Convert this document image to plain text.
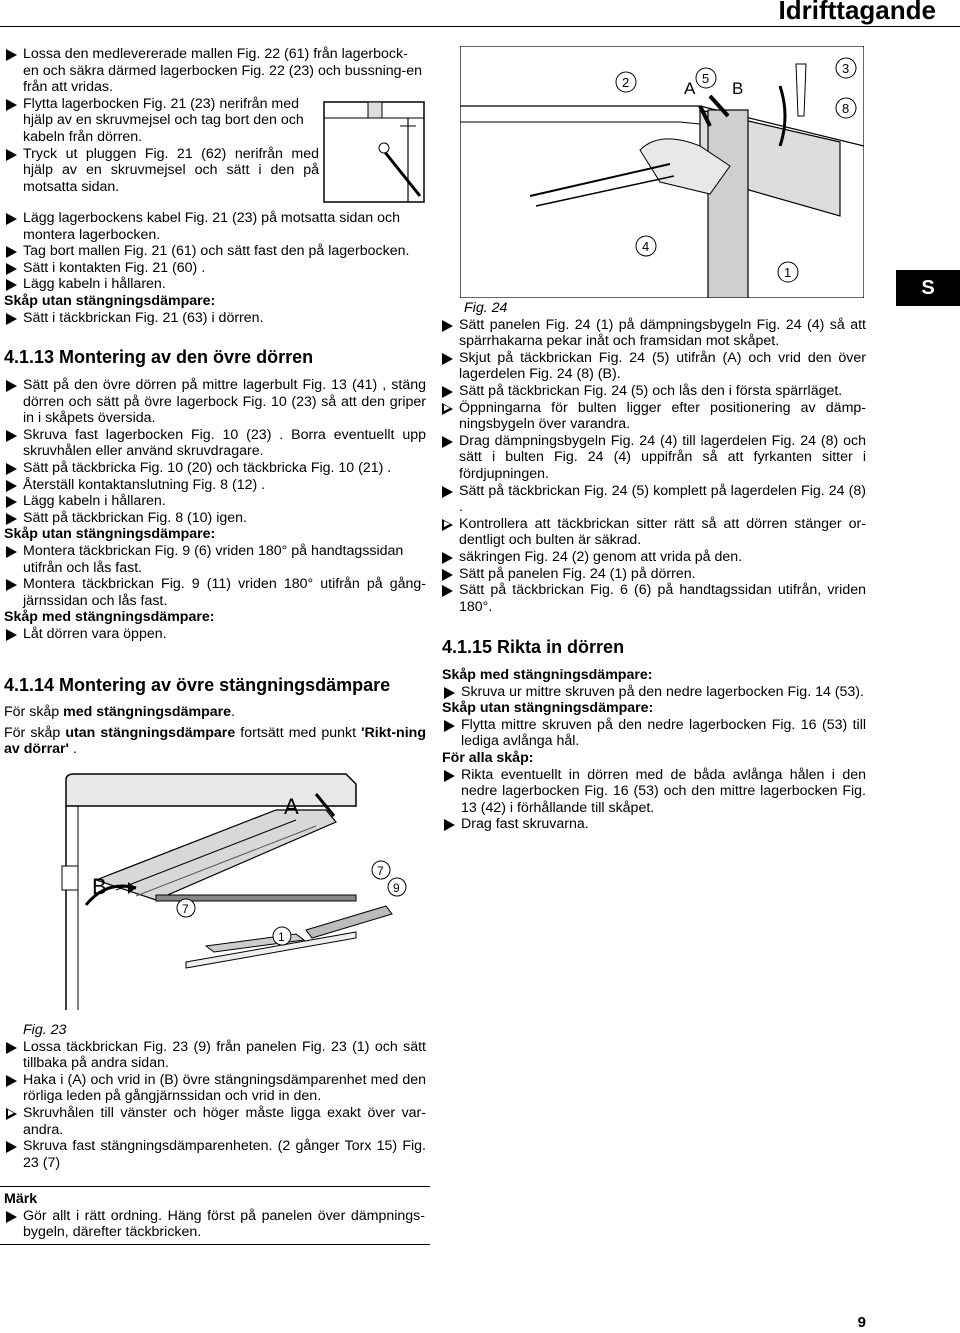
Idrifttagande

Lossa den medlevererade mallen Fig. 22 (61) från lagerbock-en och säkra därmed lagerbocken Fig. 22 (23) och bussning-en från att vridas.

Flytta lagerbocken Fig. 21 (23) nerifrån med hjälp av en skruvmejsel och tag bort den och kabeln från dörren.

Tryck ut pluggen Fig. 21 (62) nerifrån med hjälp av en skruvmejsel och sätt i den på motsatta sidan.

Lägg lagerbockens kabel Fig. 21 (23) på motsatta sidan och montera lagerbocken.

Tag bort mallen Fig. 21 (61) och sätt fast den på lagerbocken.

Sätt i kontakten Fig. 21 (60) .

Lägg kabeln i hållaren.

Skåp utan stängningsdämpare:

Sätt i täckbrickan Fig. 21 (63) i dörren.

4.1.13 Montering av den övre dörren

Sätt på den övre dörren på mittre lagerbult Fig. 13 (41) , stäng dörren och sätt på övre lagerbock Fig. 10 (23) så att den griper in i skåpets översida.

Skruva fast lagerbocken Fig. 10 (23) . Borra eventuellt upp skruvhålen eller använd skruvdragare.

Sätt på täckbricka Fig. 10 (20) och täckbricka Fig. 10 (21) .

Återställ kontaktanslutning Fig. 8 (12) .

Lägg kabeln i hållaren.

Sätt på täckbrickan Fig. 8 (10) igen.

Skåp utan stängningsdämpare:

Montera täckbrickan Fig. 9 (6) vriden 180° på handtagssidan utifrån och lås fast.

Montera täckbrickan Fig. 9 (11) vriden 180° utifrån på gång-järnssidan och lås fast.

Skåp med stängningsdämpare:

Låt dörren vara öppen.

4.1.14 Montering av övre stängningsdämpare

För skåp med stängningsdämpare.

För skåp utan stängningsdämpare fortsätt med punkt 'Rikt-ning av dörrar' .

B
A
7
7
9
1

Fig. 23

Lossa täckbrickan Fig. 23 (9) från panelen Fig. 23 (1) och sätt tillbaka på andra sidan.

Haka i (A) och vrid in (B) övre stängningsdämparenhet med den rörliga leden på gångjärnssidan och vrid in den.

Skruvhålen till vänster och höger måste ligga exakt över var-andra.

Skruva fast stängningsdämparenheten. (2 gånger Torx 15) Fig. 23 (7)

Märk

Gör allt i rätt ordning. Häng först på panelen över dämpnings-bygeln, därefter täckbricken.

2	A
5
B
3
8
4
1

Fig. 24

Sätt panelen Fig. 24 (1) på dämpningsbygeln Fig. 24 (4) så att spärrhakarna pekar inåt och framsidan mot skåpet.

Skjut på täckbrickan Fig. 24 (5) utifrån (A) och vrid den över lagerdelen Fig. 24 (8) (B).

Sätt på täckbrickan Fig. 24 (5) och lås den i första spärrläget.

Öppningarna för bulten ligger efter positionering av dämp-ningsbygeln över varandra.

Drag dämpningsbygeln Fig. 24 (4) till lagerdelen Fig. 24 (8) och sätt i bulten Fig. 24 (4) uppifrån så att fyrkanten sitter i fördjupningen.

Sätt på täckbrickan Fig. 24 (5) komplett på lagerdelen Fig. 24 (8) .

Kontrollera att täckbrickan sitter rätt så att dörren stänger or-dentligt och bulten är säkrad.

säkringen Fig. 24 (2) genom att vrida på den.

Sätt på panelen Fig. 24 (1) på dörren.

Sätt på täckbrickan Fig. 6 (6) på handtagssidan utifrån, vriden 180°.

4.1.15 Rikta in dörren

Skåp med stängningsdämpare:

Skruva ur mittre skruven på den nedre lagerbocken Fig. 14 (53).

Skåp utan stängningsdämpare:

Flytta mittre skruven på den nedre lagerbocken Fig. 16 (53) till lediga avlånga hål.

För alla skåp:

Rikta eventuellt in dörren med de båda avlånga hålen i den nedre lagerbocken Fig. 16 (53) och den mittre lagerbocken Fig. 13 (42) i förhållande till skåpet.

Drag fast skruvarna.

S
9
